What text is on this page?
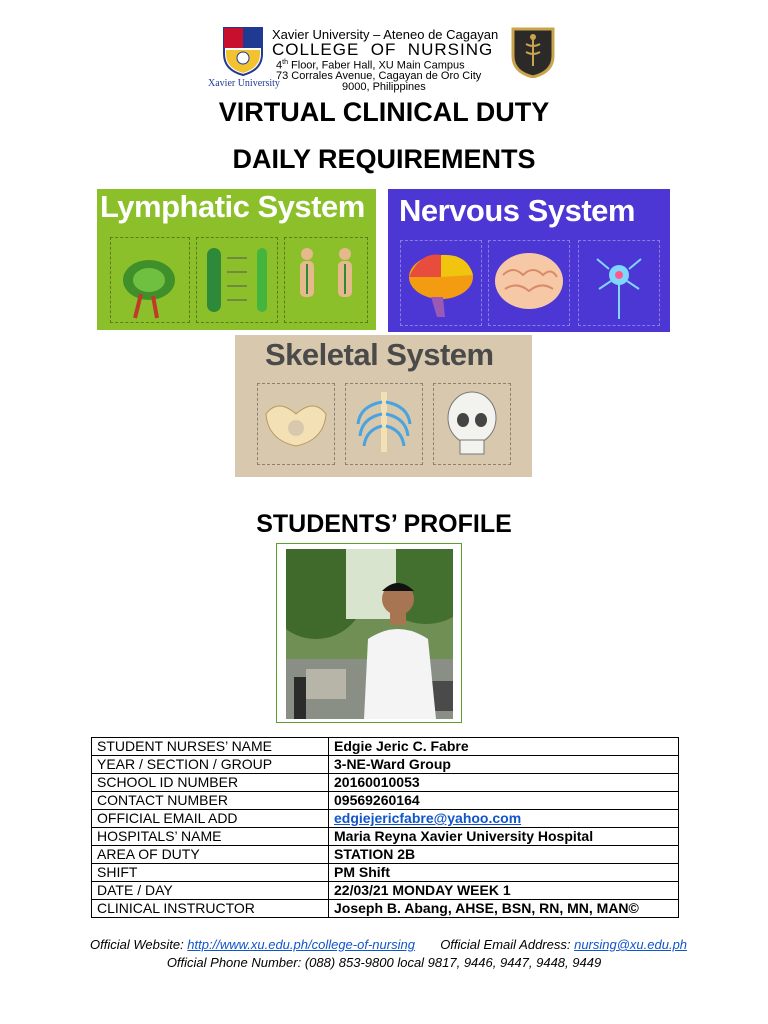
Xavier University
Xavier University – Ateneo de Cagayan
COLLEGE  OF  NURSING
4th Floor, Faber Hall, XU Main Campus
73 Corrales Avenue, Cagayan de Oro City
9000, Philippines
VIRTUAL CLINICAL DUTY
DAILY REQUIREMENTS
Lymphatic System Nervous System
Skeletal System
STUDENTS’ PROFILE
STUDENT NURSES’ NAME	Edgie Jeric C. Fabre
YEAR / SECTION / GROUP	3-NE-Ward Group
SCHOOL ID NUMBER	20160010053
CONTACT NUMBER	09569260164
OFFICIAL EMAIL ADD	edgiejericfabre@yahoo.com
HOSPITALS’ NAME	Maria Reyna Xavier University Hospital
AREA OF DUTY	STATION 2B
SHIFT	PM Shift
DATE / DAY	22/03/21 MONDAY WEEK 1
CLINICAL INSTRUCTOR	Joseph B. Abang, AHSE, BSN, RN, MN, MAN©
Official Website: http://www.xu.edu.ph/college-of-nursing Official Email Address: nursing@xu.edu.ph
Official Phone Number: (088) 853-9800 local 9817, 9446, 9447, 9448, 9449
